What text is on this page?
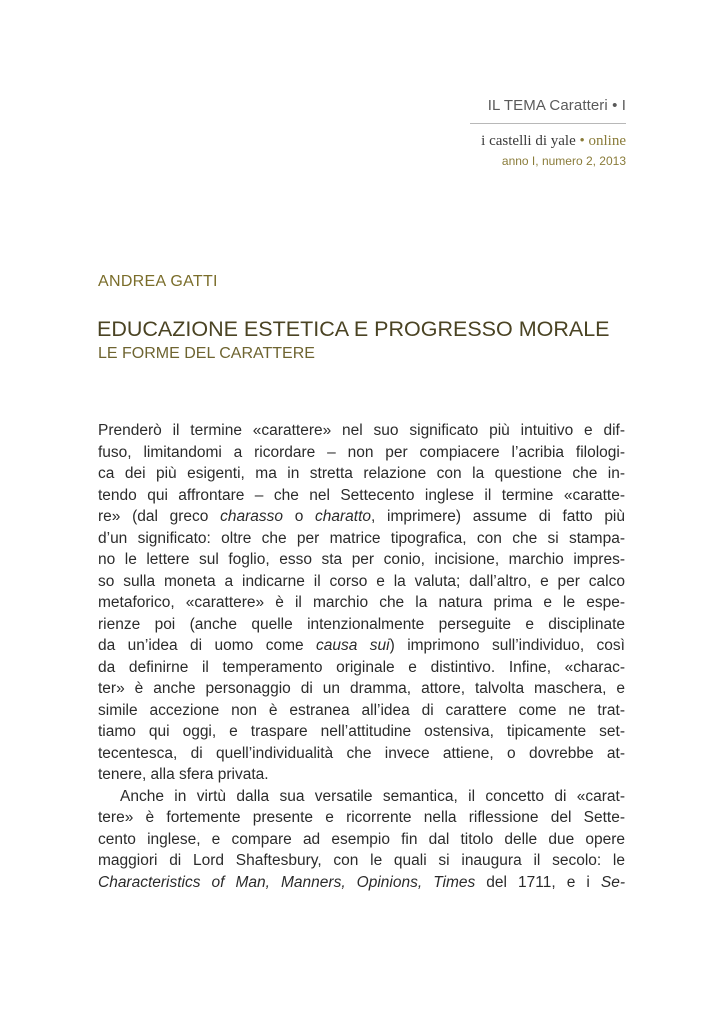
IL TEMA Caratteri • I
i castelli di yale • online
anno I, numero 2, 2013
ANDREA GATTI
EDUCAZIONE ESTETICA E PROGRESSO MORALE
LE FORME DEL CARATTERE
Prenderò il termine «carattere» nel suo significato più intuitivo e dif-
fuso, limitandomi a ricordare – non per compiacere l’acribia filologi-
ca dei più esigenti, ma in stretta relazione con la questione che in-
tendo qui affrontare – che nel Settecento inglese il termine «caratte-
re» (dal greco charasso o charatto, imprimere) assume di fatto più
d’un significato: oltre che per matrice tipografica, con che si stampa-
no le lettere sul foglio, esso sta per conio, incisione, marchio impres-
so sulla moneta a indicarne il corso e la valuta; dall’altro, e per calco
metaforico, «carattere» è il marchio che la natura prima e le espe-
rienze poi (anche quelle intenzionalmente perseguite e disciplinate
da un’idea di uomo come causa sui) imprimono sull’individuo, così
da definirne il temperamento originale e distintivo. Infine, «charac-
ter» è anche personaggio di un dramma, attore, talvolta maschera, e
simile accezione non è estranea all’idea di carattere come ne trat-
tiamo qui oggi, e traspare nell’attitudine ostensiva, tipicamente set-
tecentesca, di quell’individualità che invece attiene, o dovrebbe at-
tenere, alla sfera privata.
Anche in virtù dalla sua versatile semantica, il concetto di «carat-
tere» è fortemente presente e ricorrente nella riflessione del Sette-
cento inglese, e compare ad esempio fin dal titolo delle due opere
maggiori di Lord Shaftesbury, con le quali si inaugura il secolo: le
Characteristics of Man, Manners, Opinions, Times del 1711, e i Se-
